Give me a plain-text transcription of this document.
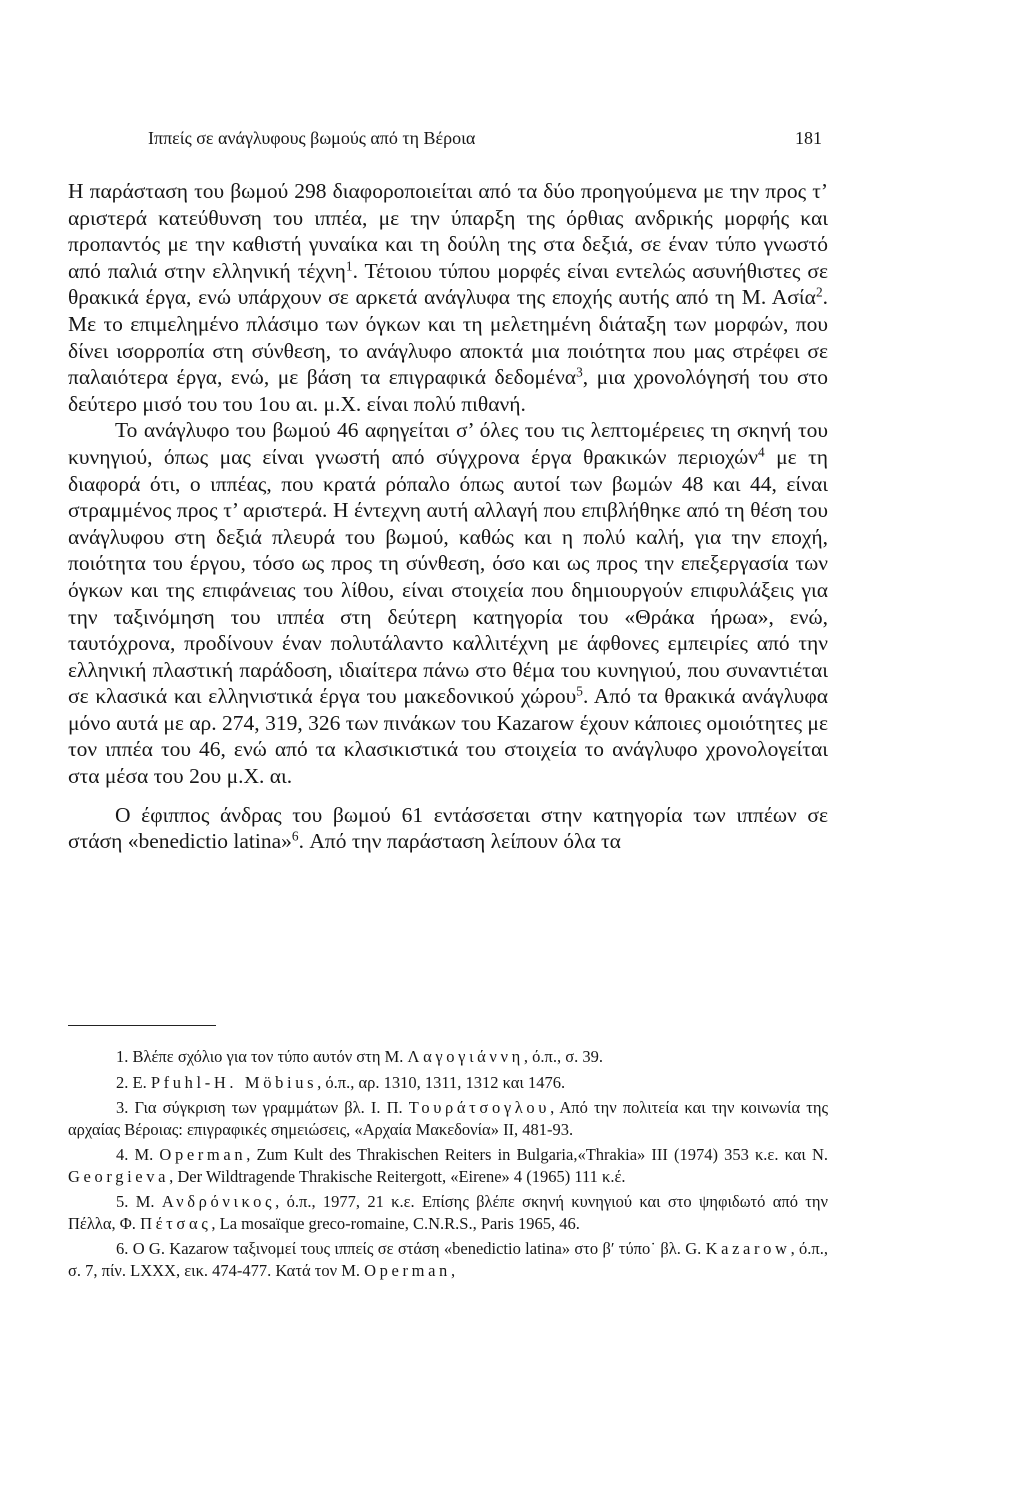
Ιππείς σε ανάγλυφους βωμούς από τη Βέροια	181

Η παράσταση του βωμού 298 διαφοροποιείται από τα δύο προηγούμενα με την προς τ’ αριστερά κατεύθυνση του ιππέα, με την ύπαρξη της όρθιας ανδρικής μορφής και προπαντός με την καθιστή γυναίκα και τη δούλη της στα δεξιά, σε έναν τύπο γνωστό από παλιά στην ελληνική τέχνη$^1$. Τέτοιου τύπου μορφές είναι εντελώς ασυνήθιστες σε θρακικά έργα, ενώ υπάρχουν σε αρκετά ανάγλυφα της εποχής αυτής από τη Μ. Ασία$^2$. Με το επιμελημένο πλάσιμο των όγκων και τη μελετημένη διάταξη των μορφών, που δίνει ισορροπία στη σύνθεση, το ανάγλυφο αποκτά μια ποιότητα που μας στρέφει σε παλαιότερα έργα, ενώ, με βάση τα επιγραφικά δεδομένα$^3$, μια χρονολόγησή του στο δεύτερο μισό του του 1ου αι. μ.Χ. είναι πολύ πιθανή.

Το ανάγλυφο του βωμού 46 αφηγείται σ’ όλες του τις λεπτομέρειες τη σκηνή του κυνηγιού, όπως μας είναι γνωστή από σύγχρονα έργα θρακικών περιοχών$^4$ με τη διαφορά ότι, ο ιππέας, που κρατά ρόπαλο όπως αυτοί των βωμών 48 και 44, είναι στραμμένος προς τ’ αριστερά. Η έντεχνη αυτή αλλαγή που επιβλήθηκε από τη θέση του ανάγλυφου στη δεξιά πλευρά του βωμού, καθώς και η πολύ καλή, για την εποχή, ποιότητα του έργου, τόσο ως προς τη σύνθεση, όσο και ως προς την επεξεργασία των όγκων και της επιφάνειας του λίθου, είναι στοιχεία που δημιουργούν επιφυλάξεις για την ταξινόμηση του ιππέα στη δεύτερη κατηγορία του «Θράκα ήρωα», ενώ, ταυτόχρονα, προδίνουν έναν πολυτάλαντο καλλιτέχνη με άφθονες εμπειρίες από την ελληνική πλαστική παράδοση, ιδιαίτερα πάνω στο θέμα του κυνηγιού, που συναντιέται σε κλασικά και ελληνιστικά έργα του μακεδονικού χώρου$^5$. Από τα θρακικά ανάγλυφα μόνο αυτά με αρ. 274, 319, 326 των πινάκων του Kazarow έχουν κάποιες ομοιότητες με τον ιππέα του 46, ενώ από τα κλασικιστικά του στοιχεία το ανάγλυφο χρονολογείται στα μέσα του 2ου μ.Χ. αι.

Ο έφιππος άνδρας του βωμού 61 εντάσσεται στην κατηγορία των ιππέων σε στάση «benedictio latina»$^6$. Από την παράσταση λείπουν όλα τα

1. Βλέπε σχόλιο για τον τύπο αυτόν στη Μ. Λαγογιάννη, ό.π., σ. 39.

2. E. Pfuhl-H. Möbius, ό.π., αρ. 1310, 1311, 1312 και 1476.

3. Για σύγκριση των γραμμάτων βλ. Ι. Π. Τουράτσογλου, Από την πολιτεία και την κοινωνία της αρχαίας Βέροιας: επιγραφικές σημειώσεις, «Αρχαία Μακεδονία» II, 481-93.

4. M. Operman, Zum Kult des Thrakischen Reiters in Bulgaria,«Thrakia» III (1974) 353 κ.ε. και N. Georgieva, Der Wildtragende Thrakische Reitergott, «Eirene» 4 (1965) 111 κ.έ.

5. Μ. Ανδρόνικος, ό.π., 1977, 21 κ.ε. Επίσης βλέπε σκηνή κυνηγιού και στο ψηφιδωτό από την Πέλλα, Φ. Πέτσας, La mosaïque greco-romaine, C.N.R.S., Paris 1965, 46.

6. O G. Kazarow ταξινομεί τους ιππείς σε στάση «benedictio latina» στο β′ τύπο˙ βλ. G. Kazarow, ό.π., σ. 7, πίν. LXXX, εικ. 474-477. Κατά τον M. Operman,
